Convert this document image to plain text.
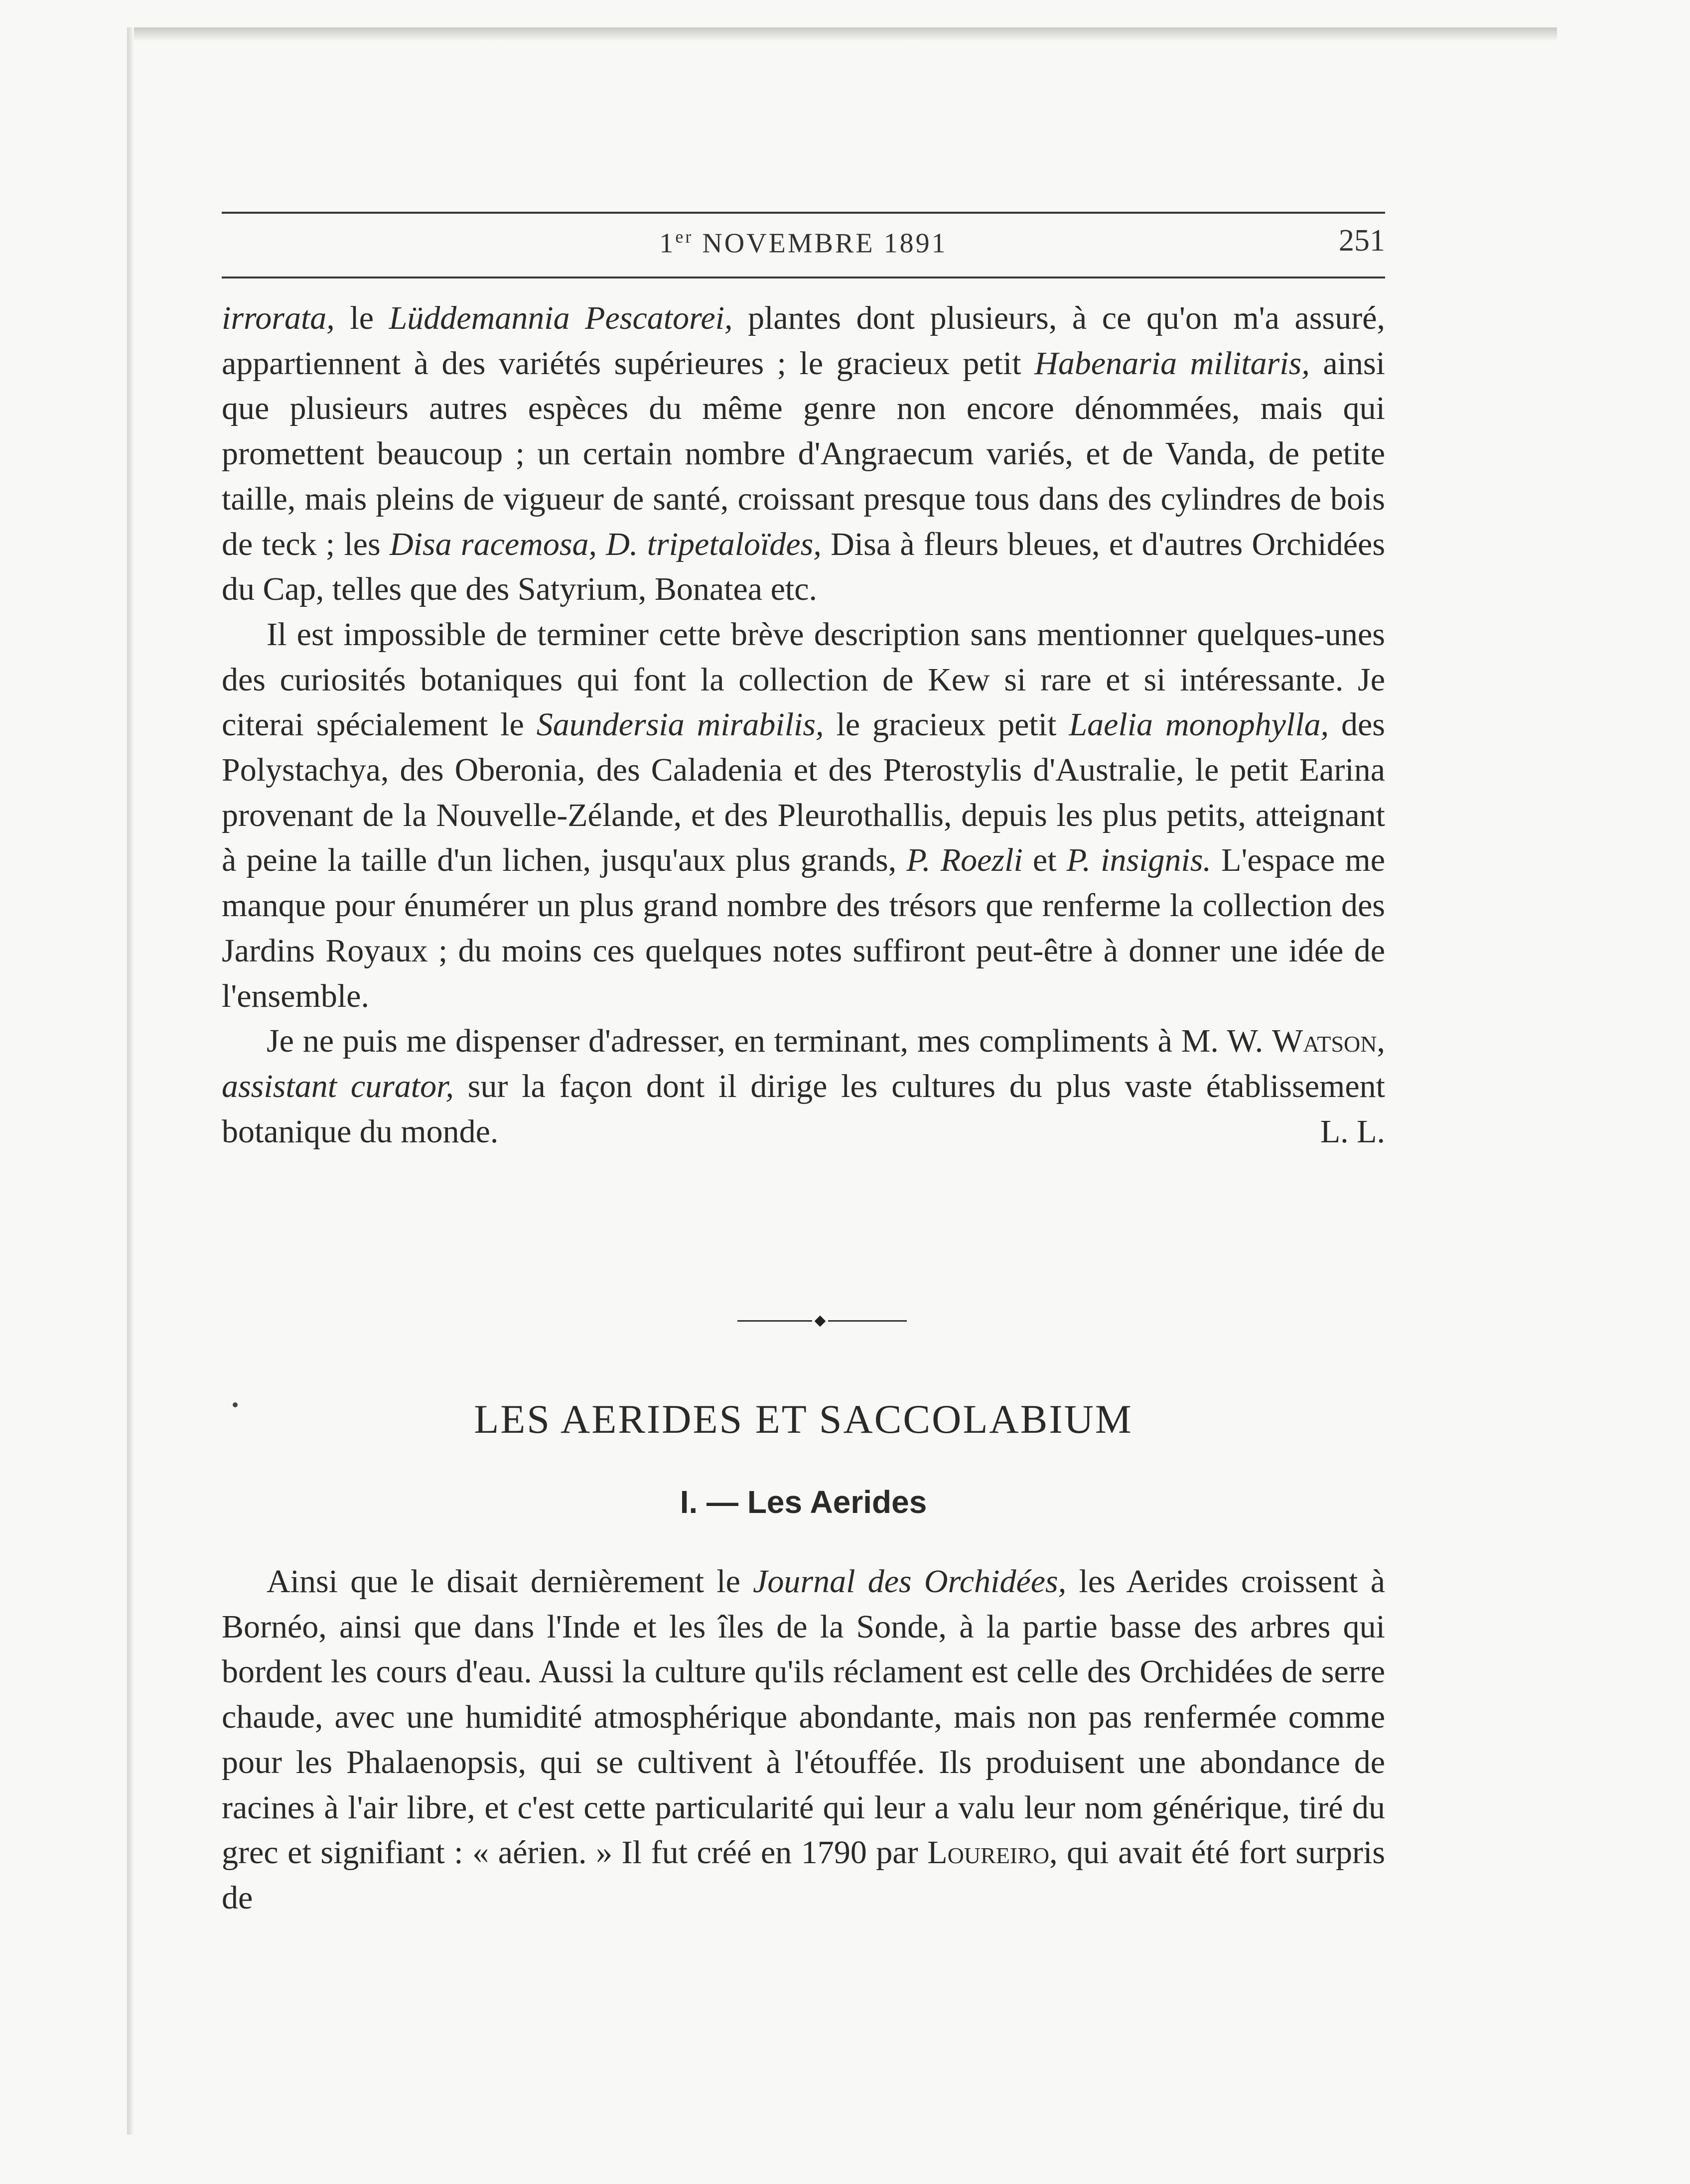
1er NOVEMBRE 1891	251

irrorata, le Lüddemannia Pescatorei, plantes dont plusieurs, à ce qu'on m'a assuré, appartiennent à des variétés supérieures ; le gracieux petit Habenaria militaris, ainsi que plusieurs autres espèces du même genre non encore dénommées, mais qui promettent beaucoup ; un certain nombre d'Angraecum variés, et de Vanda, de petite taille, mais pleins de vigueur de santé, croissant presque tous dans des cylindres de bois de teck ; les Disa racemosa, D. tripetaloïdes, Disa à fleurs bleues, et d'autres Orchidées du Cap, telles que des Satyrium, Bonatea etc.

Il est impossible de terminer cette brève description sans mentionner quelques-unes des curiosités botaniques qui font la collection de Kew si rare et si intéressante. Je citerai spécialement le Saundersia mirabilis, le gracieux petit Laelia monophylla, des Polystachya, des Oberonia, des Caladenia et des Pterostylis d'Australie, le petit Earina provenant de la Nouvelle-Zélande, et des Pleurothallis, depuis les plus petits, atteignant à peine la taille d'un lichen, jusqu'aux plus grands, P. Roezli et P. insignis. L'espace me manque pour énumérer un plus grand nombre des trésors que renferme la collection des Jardins Royaux ; du moins ces quelques notes suffiront peut-être à donner une idée de l'ensemble.

Je ne puis me dispenser d'adresser, en terminant, mes compliments à M. W. Watson, assistant curator, sur la façon dont il dirige les cultures du plus vaste établissement botanique du monde.	L. L.

LES AERIDES ET SACCOLABIUM
I. — Les Aerides

Ainsi que le disait dernièrement le Journal des Orchidées, les Aerides croissent à Bornéo, ainsi que dans l'Inde et les îles de la Sonde, à la partie basse des arbres qui bordent les cours d'eau. Aussi la culture qu'ils réclament est celle des Orchidées de serre chaude, avec une humidité atmosphérique abondante, mais non pas renfermée comme pour les Phalaenopsis, qui se cultivent à l'étouffée. Ils produisent une abondance de racines à l'air libre, et c'est cette particularité qui leur a valu leur nom générique, tiré du grec et signifiant : « aérien. » Il fut créé en 1790 par Loureiro, qui avait été fort surpris de
